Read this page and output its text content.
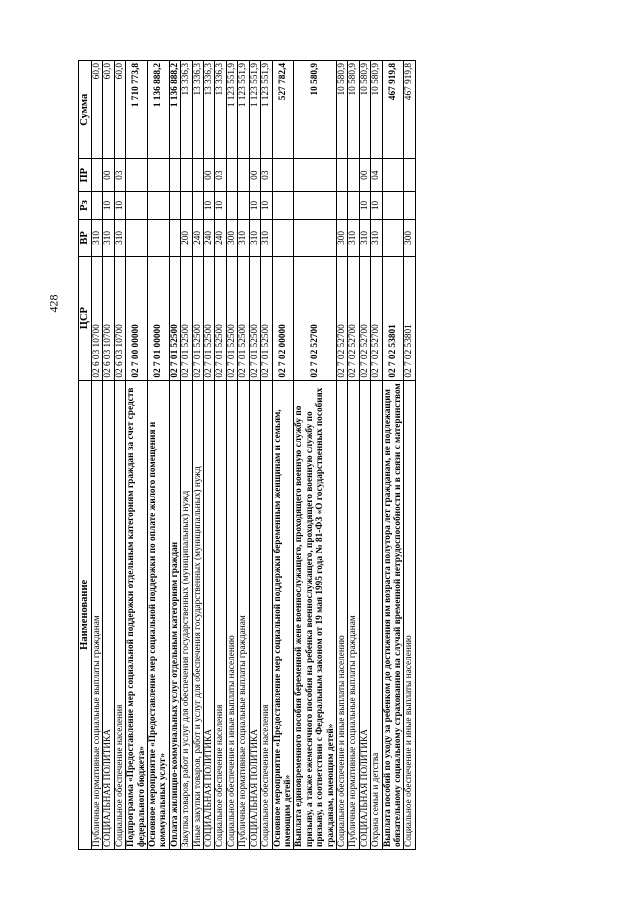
428
Наименование	ЦСР	ВР	Рз	ПР	Сумма
Публичные нормативные социальные выплаты гражданам	02 6 03 10700	310			60,0
СОЦИАЛЬНАЯ ПОЛИТИКА	02 6 03 10700	310	10	00	60,0
Социальное обеспечение населения	02 6 03 10700	310	10	03	60,0
Подпрограмма «Предоставление мер социальной поддержки отдельным категориям граждан за счет средств федерального бюджета»	02 7 00 00000				1 710 773,8
Основное мероприятие «Предоставление мер социальной поддержки по оплате жилого помещения и коммунальных услуг»	02 7 01 00000				1 136 888,2
Оплата жилищно-коммунальных услуг отдельным категориям граждан	02 7 01 52500				1 136 888,2
Закупка товаров, работ и услуг для обеспечения государственных (муниципальных) нужд	02 7 01 52500	200			13 336,3
Иные закупки товаров, работ и услуг для обеспечения государственных (муниципальных) нужд	02 7 01 52500	240			13 336,3
СОЦИАЛЬНАЯ ПОЛИТИКА	02 7 01 52500	240	10	00	13 336,3
Социальное обеспечение населения	02 7 01 52500	240	10	03	13 336,3
Социальное обеспечение и иные выплаты населению	02 7 01 52500	300			1 123 551,9
Публичные нормативные социальные выплаты гражданам	02 7 01 52500	310			1 123 551,9
СОЦИАЛЬНАЯ ПОЛИТИКА	02 7 01 52500	310	10	00	1 123 551,9
Социальное обеспечение населения	02 7 01 52500	310	10	03	1 123 551,9
Основное мероприятие «Предоставление мер социальной поддержки беременным женщинам и семьям, имеющим детей»	02 7 02 00000				527 782,4
Выплата единовременного пособия беременной жене военнослужащего, проходящего военную службу по призыву, а также ежемесячного пособия на ребенка военнослужащего, проходящего военную службу по призыву, в соответствии с Федеральным законом от 19 мая 1995 года № 81-ФЗ «О государственных пособиях гражданам, имеющим детей»	02 7 02 52700				10 580,9
Социальное обеспечение и иные выплаты населению	02 7 02 52700	300			10 580,9
Публичные нормативные социальные выплаты гражданам	02 7 02 52700	310			10 580,9
СОЦИАЛЬНАЯ ПОЛИТИКА	02 7 02 52700	310	10	00	10 580,9
Охрана семьи и детства	02 7 02 52700	310	10	04	10 580,9
Выплата пособий по уходу за ребенком до достижения им возраста полутора лет гражданам, не подлежащим обязательному социальному страхованию на случай временной нетрудоспособности и в связи с материнством	02 7 02 53801				467 919,8
Социальное обеспечение и иные выплаты населению	02 7 02 53801	300			467 919,8
